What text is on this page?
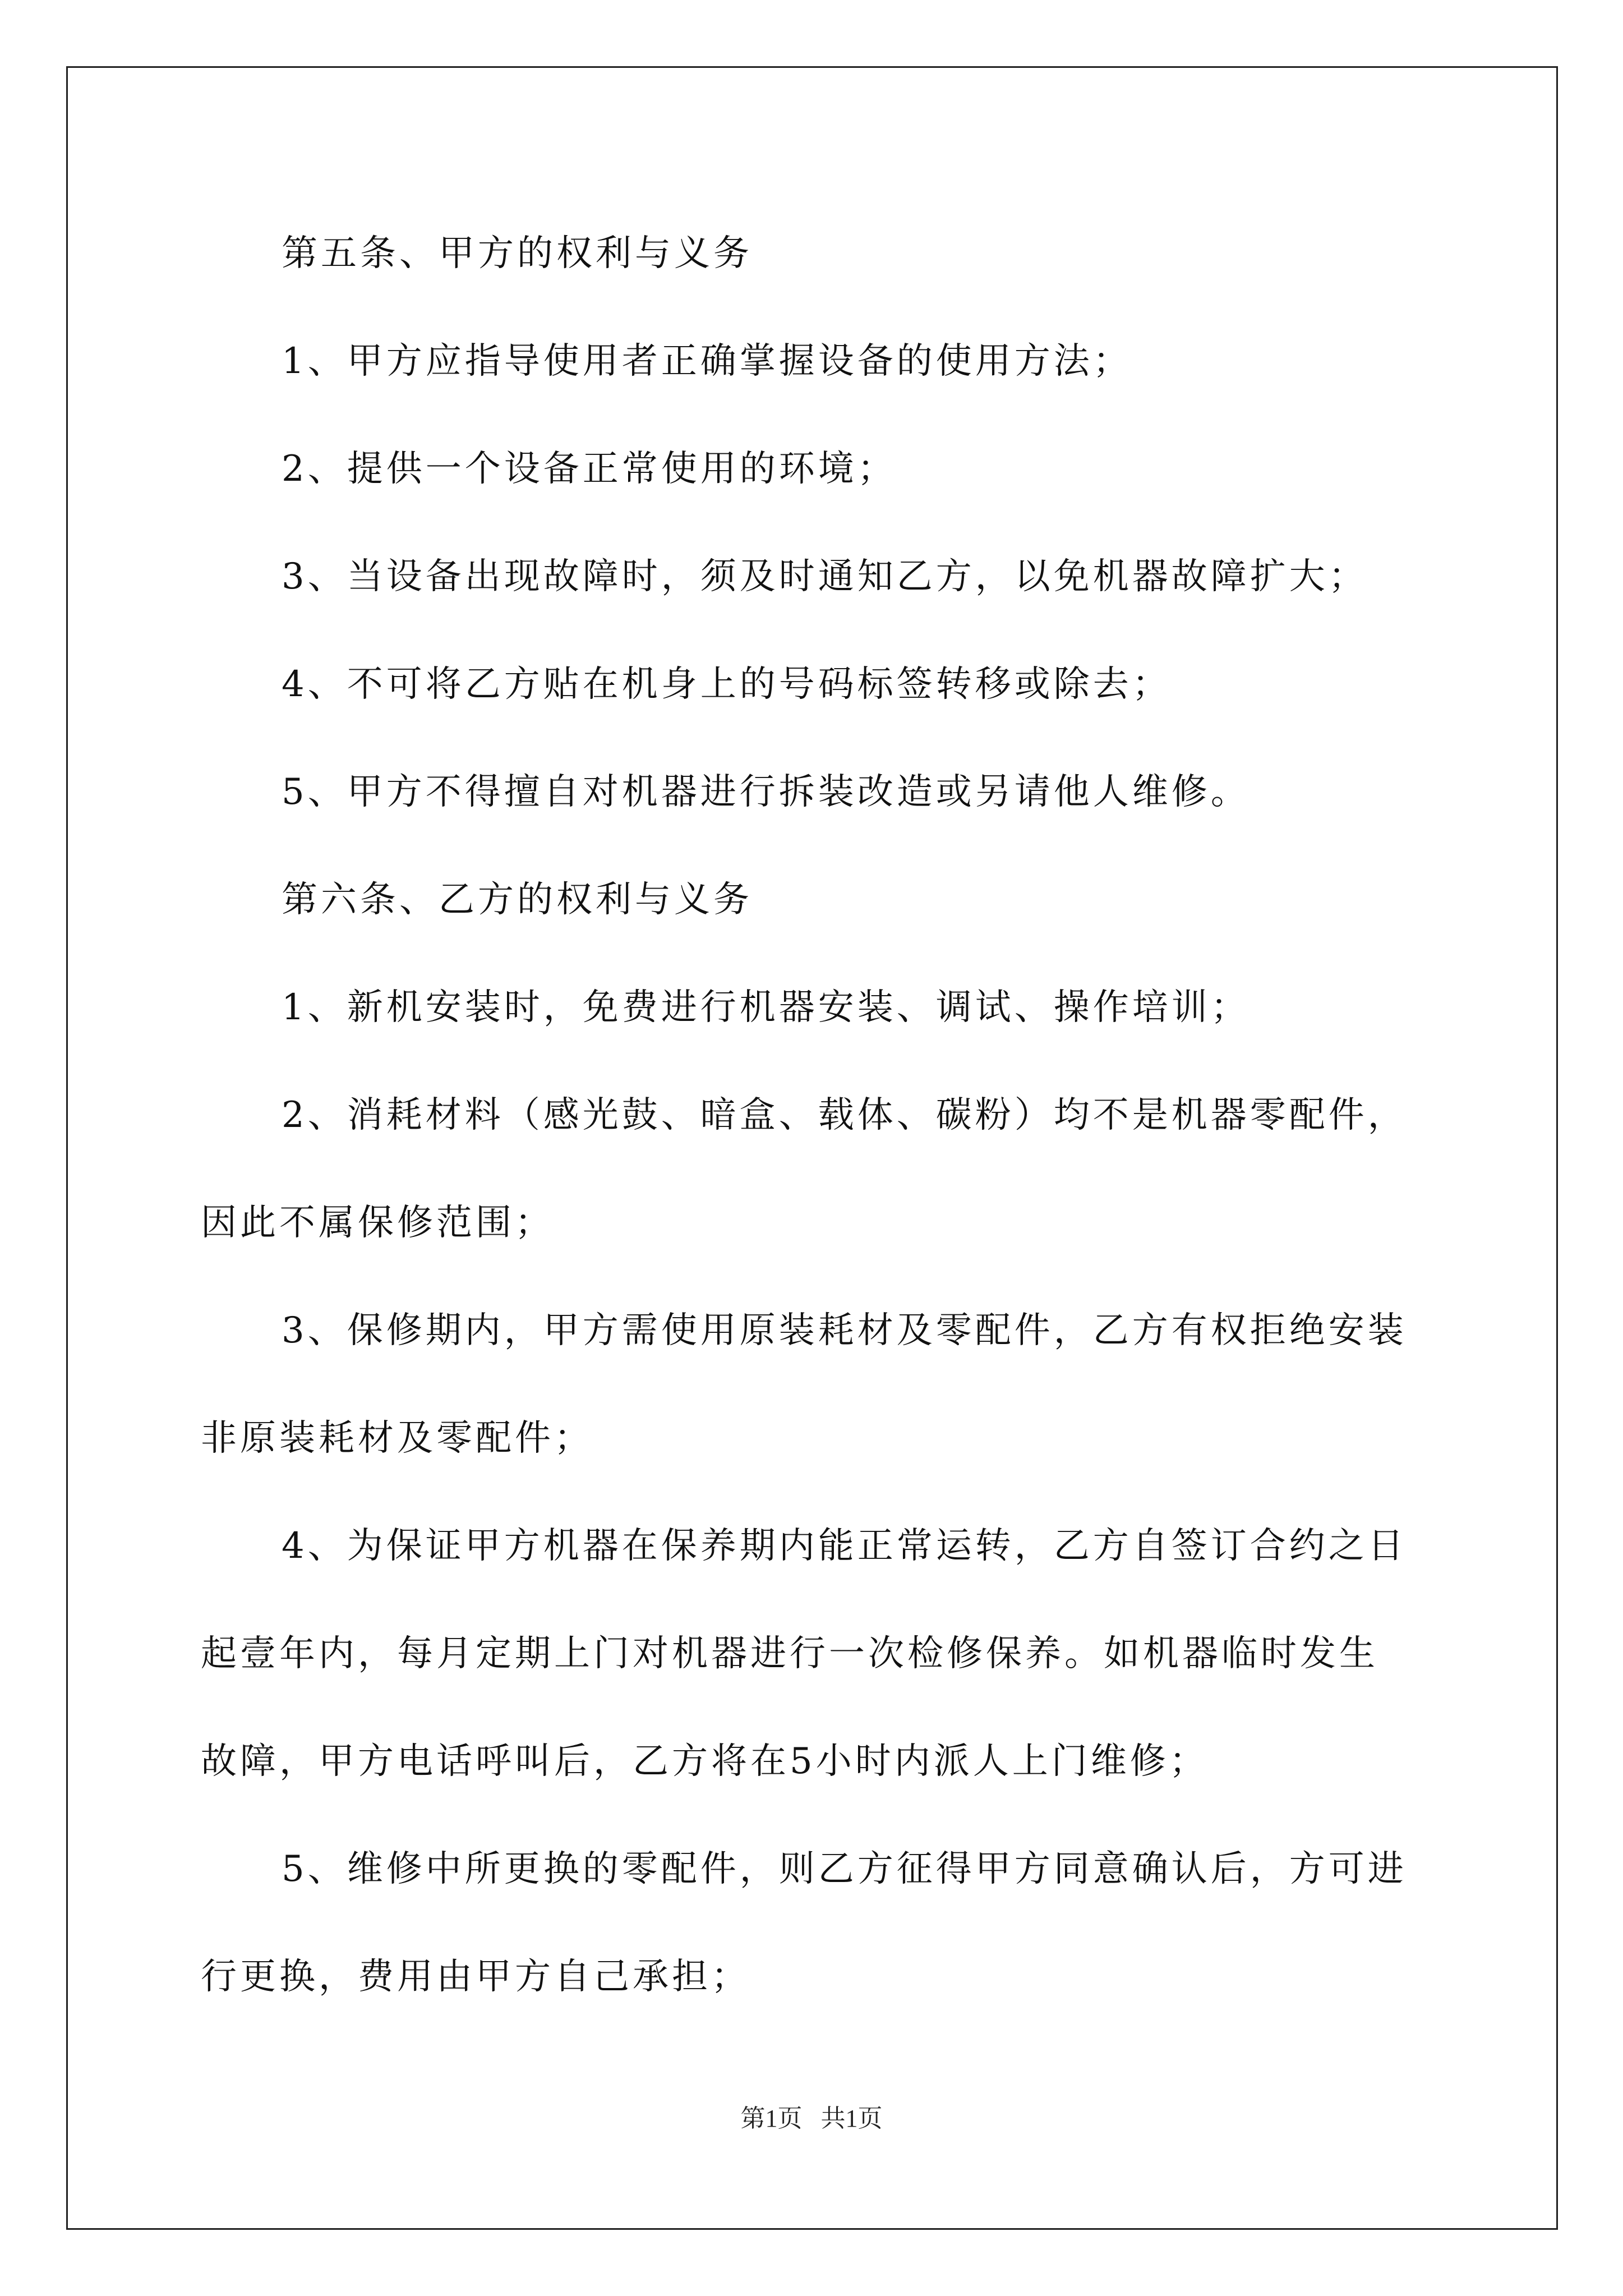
第五条、甲方的权利与义务
1、甲方应指导使用者正确掌握设备的使用方法；
2、提供一个设备正常使用的环境；
3、当设备出现故障时，须及时通知乙方，以免机器故障扩大；
4、不可将乙方贴在机身上的号码标签转移或除去；
5、甲方不得擅自对机器进行拆装改造或另请他人维修。
第六条、乙方的权利与义务
1、新机安装时，免费进行机器安装、调试、操作培训；
2、消耗材料（感光鼓、暗盒、载体、碳粉）均不是机器零配件，
因此不属保修范围；
3、保修期内，甲方需使用原装耗材及零配件，乙方有权拒绝安装
非原装耗材及零配件；
4、为保证甲方机器在保养期内能正常运转，乙方自签订合约之日
起壹年内，每月定期上门对机器进行一次检修保养。如机器临时发生
故障，甲方电话呼叫后，乙方将在5小时内派人上门维修；
5、维修中所更换的零配件，则乙方征得甲方同意确认后，方可进
行更换，费用由甲方自己承担；
第1页   共1页
